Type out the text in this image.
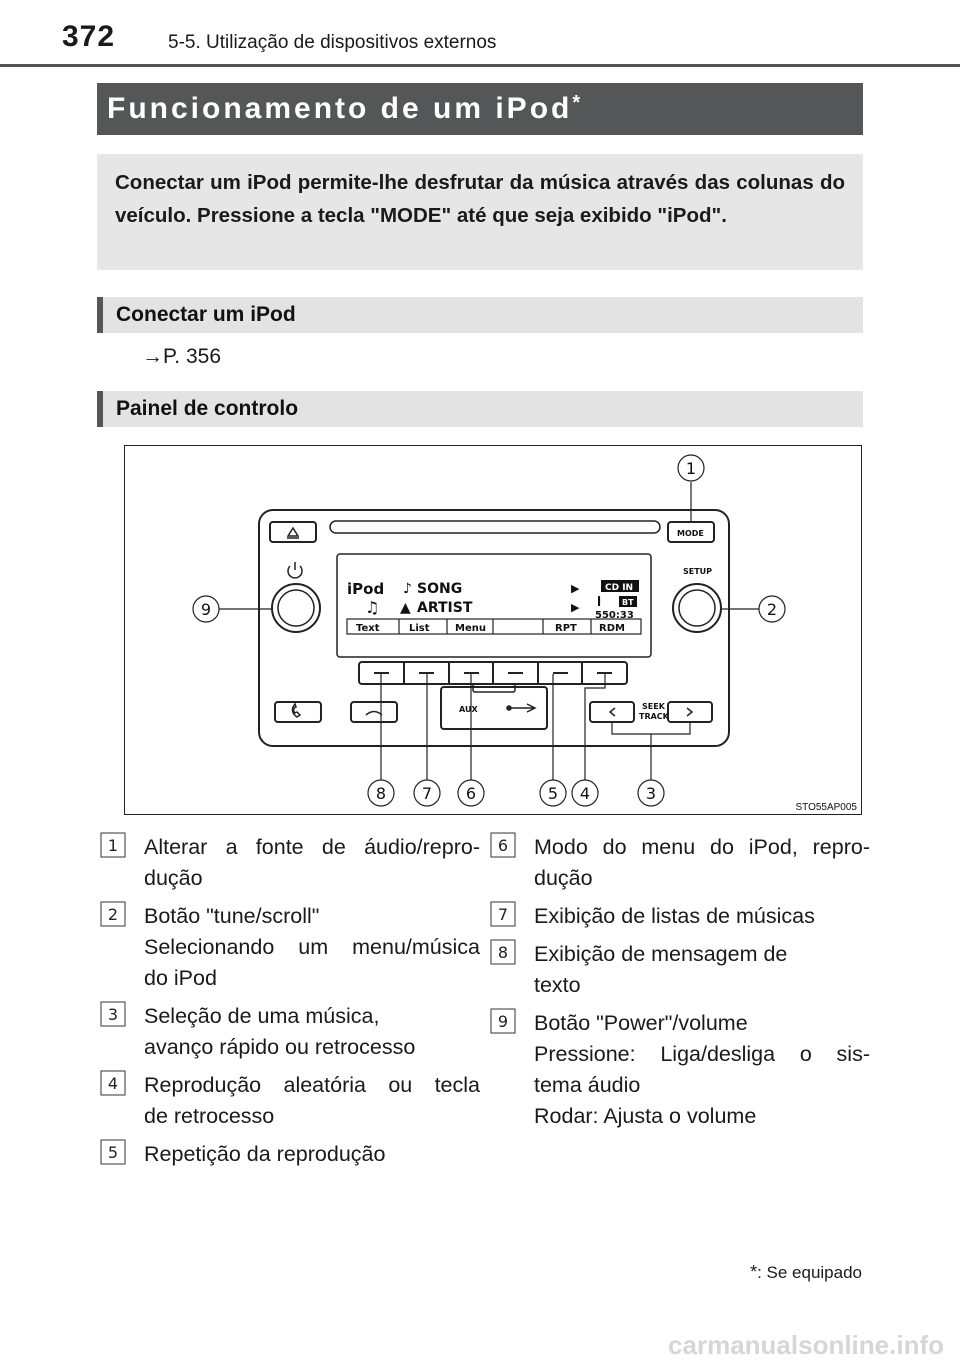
372	5-5. Utilização de dispositivos externos
Funcionamento de um iPod*
Conectar um iPod permite-lhe desfrutar da música através das colunas do veículo. Pressione a tecla "MODE" até que seja exibido "iPod".
Conectar um iPod
→P. 356
Painel de controlo
iPod ♪ SONG
♫ ▲ ARTIST
▶
▶
CD IN
ꟾ	BT
550:33
Text	List	Menu	RPT RDM
MODE
SETUP
SEEK
TRACK
AUX
1
2
3
4
5
6
7
8
9
STO55AP005
1 Alterar a fonte de áudio/repro-
dução
2 Botão "tune/scroll"
Selecionando um menu/música
do iPod
3 Seleção de uma música,
avanço rápido ou retrocesso
4 Reprodução aleatória ou tecla
de retrocesso
5 Repetição da reprodução
6 Modo do menu do iPod, repro-
dução
7 Exibição de listas de músicas
8 Exibição de mensagem de
texto
9 Botão "Power"/volume
Pressione: Liga/desliga o sis-
tema áudio
Rodar: Ajusta o volume
*: Se equipado
carmanualsonline.info
